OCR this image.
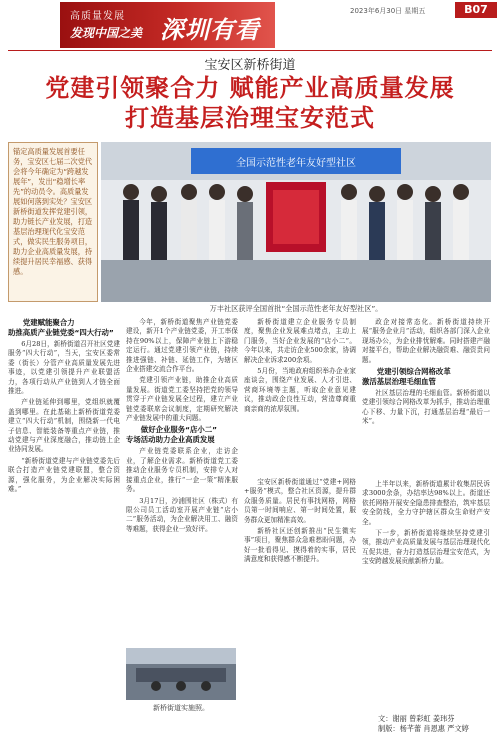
高质量发展
发现中国之美 深圳有看头
2023年6月30日 星期五	B07
宝安区新桥街道
党建引领聚合力 赋能产业高质量发展
打造基层治理宝安范式
锚定高质量发展首要任务，宝安区七届二次党代会将今年确定为“跨越发展年”，发出“稳增长率先”的动员令。高质量发展如何落到实处？宝安区新桥街道发挥党建引领，助力链长产业发展，打造基层治理现代化宝安范式，做实民生服务项目，助力企业高质量发展，持续提升居民幸福感、获得感。
全国示范性老年友好型社区
万丰社区获评全国首批“全国示范性老年友好型社区”。

党建赋能聚合力
助推高质产业链党委“四大行动”

6月28日，新桥街道召开社区党建服务“四大行动”，当天，宝安区委常委（街长）分管产业高质量发展先进事迹，以党建引领提升产业联盟活力，各项行动从产业链到人才链全面推进。

产业链延伸到哪里，党组织就覆盖到哪里。在此基础上新桥街道党委建立“四大行动”机制，围绕新一代电子信息、智能装备等重点产业链，推动党建与产业深度融合，推动链上企业协同发展。

“新桥街道党建与产业链党委先后联合打造产业链党建联盟，整合资源，强化服务，为企业解决实际困难。”

今年，新桥街道聚焦产业链党委建设，新开1个产业链党委，开工率保持在90%以上，保障产业链上下游稳定运行。通过党建引领产业链，持续推进强链、补链、延链工作，为辖区企业搭建交流合作平台。

党建引领产业链，助推企业高质量发展。街道党工委坚持把党的领导贯穿于产业链发展全过程，建立产业链党委联席会议制度，定期研究解决产业链发展中的重大问题。

做好企业服务“店小二”
专场活动助力企业高质发展

产业链党委联系企业，走访企业，了解企业需求。新桥街道党工委推动企业服务专员机制，安排专人对接重点企业，推行“一企一策”精准服务。

3月17日，沙浦围社区（株式）有限公司员工活动室开展产业链“店小二”服务活动，为企业解决用工、融资等难题，获得企业一致好评。

新桥街道实施照。

新桥街道建立企业服务专员制度，聚焦企业发展难点堵点，主动上门服务，当好企业发展的“店小二”。今年以来，共走访企业500余家，协调解决企业诉求200余项。

5月份，当地政府组织举办企业家座谈会，围绕产业发展、人才引进、营商环境等主题，听取企业意见建议，推动政企良性互动，营造尊商重商亲商的浓厚氛围。

政企对接常态化。新桥街道持续开展“服务企业月”活动，组织各部门深入企业现场办公，为企业排忧解难。同时搭建产融对接平台，帮助企业解决融资难、融资贵问题。

党建引领综合网格改革
激活基层治理毛细血管

社区基层治理的毛细血管。新桥街道以党建引领综合网格改革为抓手，推动治理重心下移、力量下沉，打通基层治理“最后一米”。

宝安区新桥街道通过“党建+网格+服务”模式，整合社区资源，提升群众服务质量。居民有事找网格，网格员第一时间响应、第一时间处置，服务群众更加精准高效。

新桥社区还创新推出“民生微实事”项目，聚焦群众急难愁盼问题，办好一批看得见、摸得着的实事，居民满意度和获得感不断提升。

上半年以来，新桥街道累计收集居民诉求3000余条，办结率达98%以上。街道还依托网格开展安全隐患排查整治，筑牢基层安全防线，全力守护辖区群众生命财产安全。

下一步，新桥街道将继续坚持党建引领，推动产业高质量发展与基层治理现代化互促共进，奋力打造基层治理宝安范式，为宝安跨越发展贡献新桥力量。

文：谢丽 曾彩虹 姜玮芬
制版：杨芊蕾 肖恩惠 严文婷
